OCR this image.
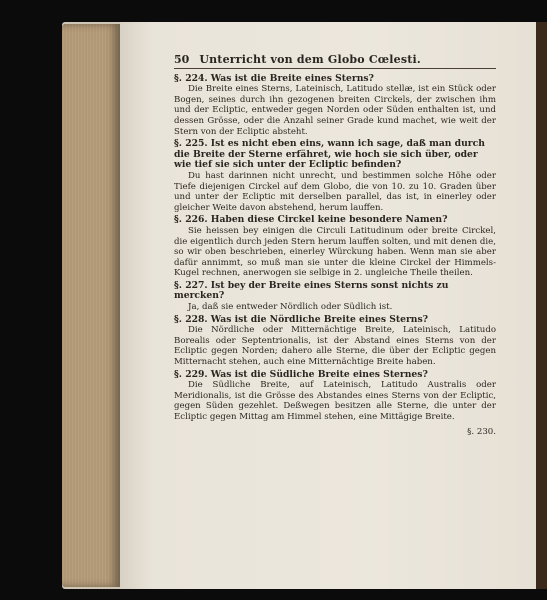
50 Unterricht von dem Globo Cœlesti.
§. 224. Was ist die Breite eines Sterns?

Die Breite eines Sterns, Lateinisch, Latitudo stellæ, ist ein Stück oder Bogen, seines durch ihn gezogenen breiten Circkels, der zwischen ihm und der Ecliptic, entweder gegen Norden oder Süden enthalten ist, und dessen Grösse, oder die Anzahl seiner Grade kund machet, wie weit der Stern von der Ecliptic absteht.

§. 225. Ist es nicht eben eins, wann ich sage, daß man durch die Breite der Sterne erfähret, wie hoch sie sich über, oder wie tief sie sich unter der Ecliptic befinden?

Du hast darinnen nicht unrecht, und bestimmen solche Höhe oder Tiefe diejenigen Circkel auf dem Globo, die von 10. zu 10. Graden über und unter der Ecliptic mit derselben parallel, das ist, in einerley oder gleicher Weite davon abstehend, herum lauffen.

§. 226. Haben diese Circkel keine besondere Namen?

Sie heissen bey einigen die Circuli Latitudinum oder breite Circkel, die eigentlich durch jeden Stern herum lauffen solten, und mit denen die, so wir oben beschrieben, einerley Würckung haben. Wenn man sie aber dafür annimmt, so muß man sie unter die kleine Circkel der Himmels-Kugel rechnen, anerwogen sie selbige in 2. ungleiche Theile theilen.

§. 227. Ist bey der Breite eines Sterns sonst nichts zu mercken?

Ja, daß sie entweder Nördlich oder Südlich ist.

§. 228. Was ist die Nördliche Breite eines Sterns?

Die Nördliche oder Mitternächtige Breite, Lateinisch, Latitudo Borealis oder Septentrionalis, ist der Abstand eines Sterns von der Ecliptic gegen Norden; dahero alle Sterne, die über der Ecliptic gegen Mitternacht stehen, auch eine Mitternächtige Breite haben.

§. 229. Was ist die Südliche Breite eines Sternes?

Die Südliche Breite, auf Lateinisch, Latitudo Australis oder Meridionalis, ist die Grösse des Abstandes eines Sterns von der Ecliptic, gegen Süden gezehlet. Deßwegen besitzen alle Sterne, die unter der Ecliptic gegen Mittag am Himmel stehen, eine Mittägige Breite.

§. 230.
